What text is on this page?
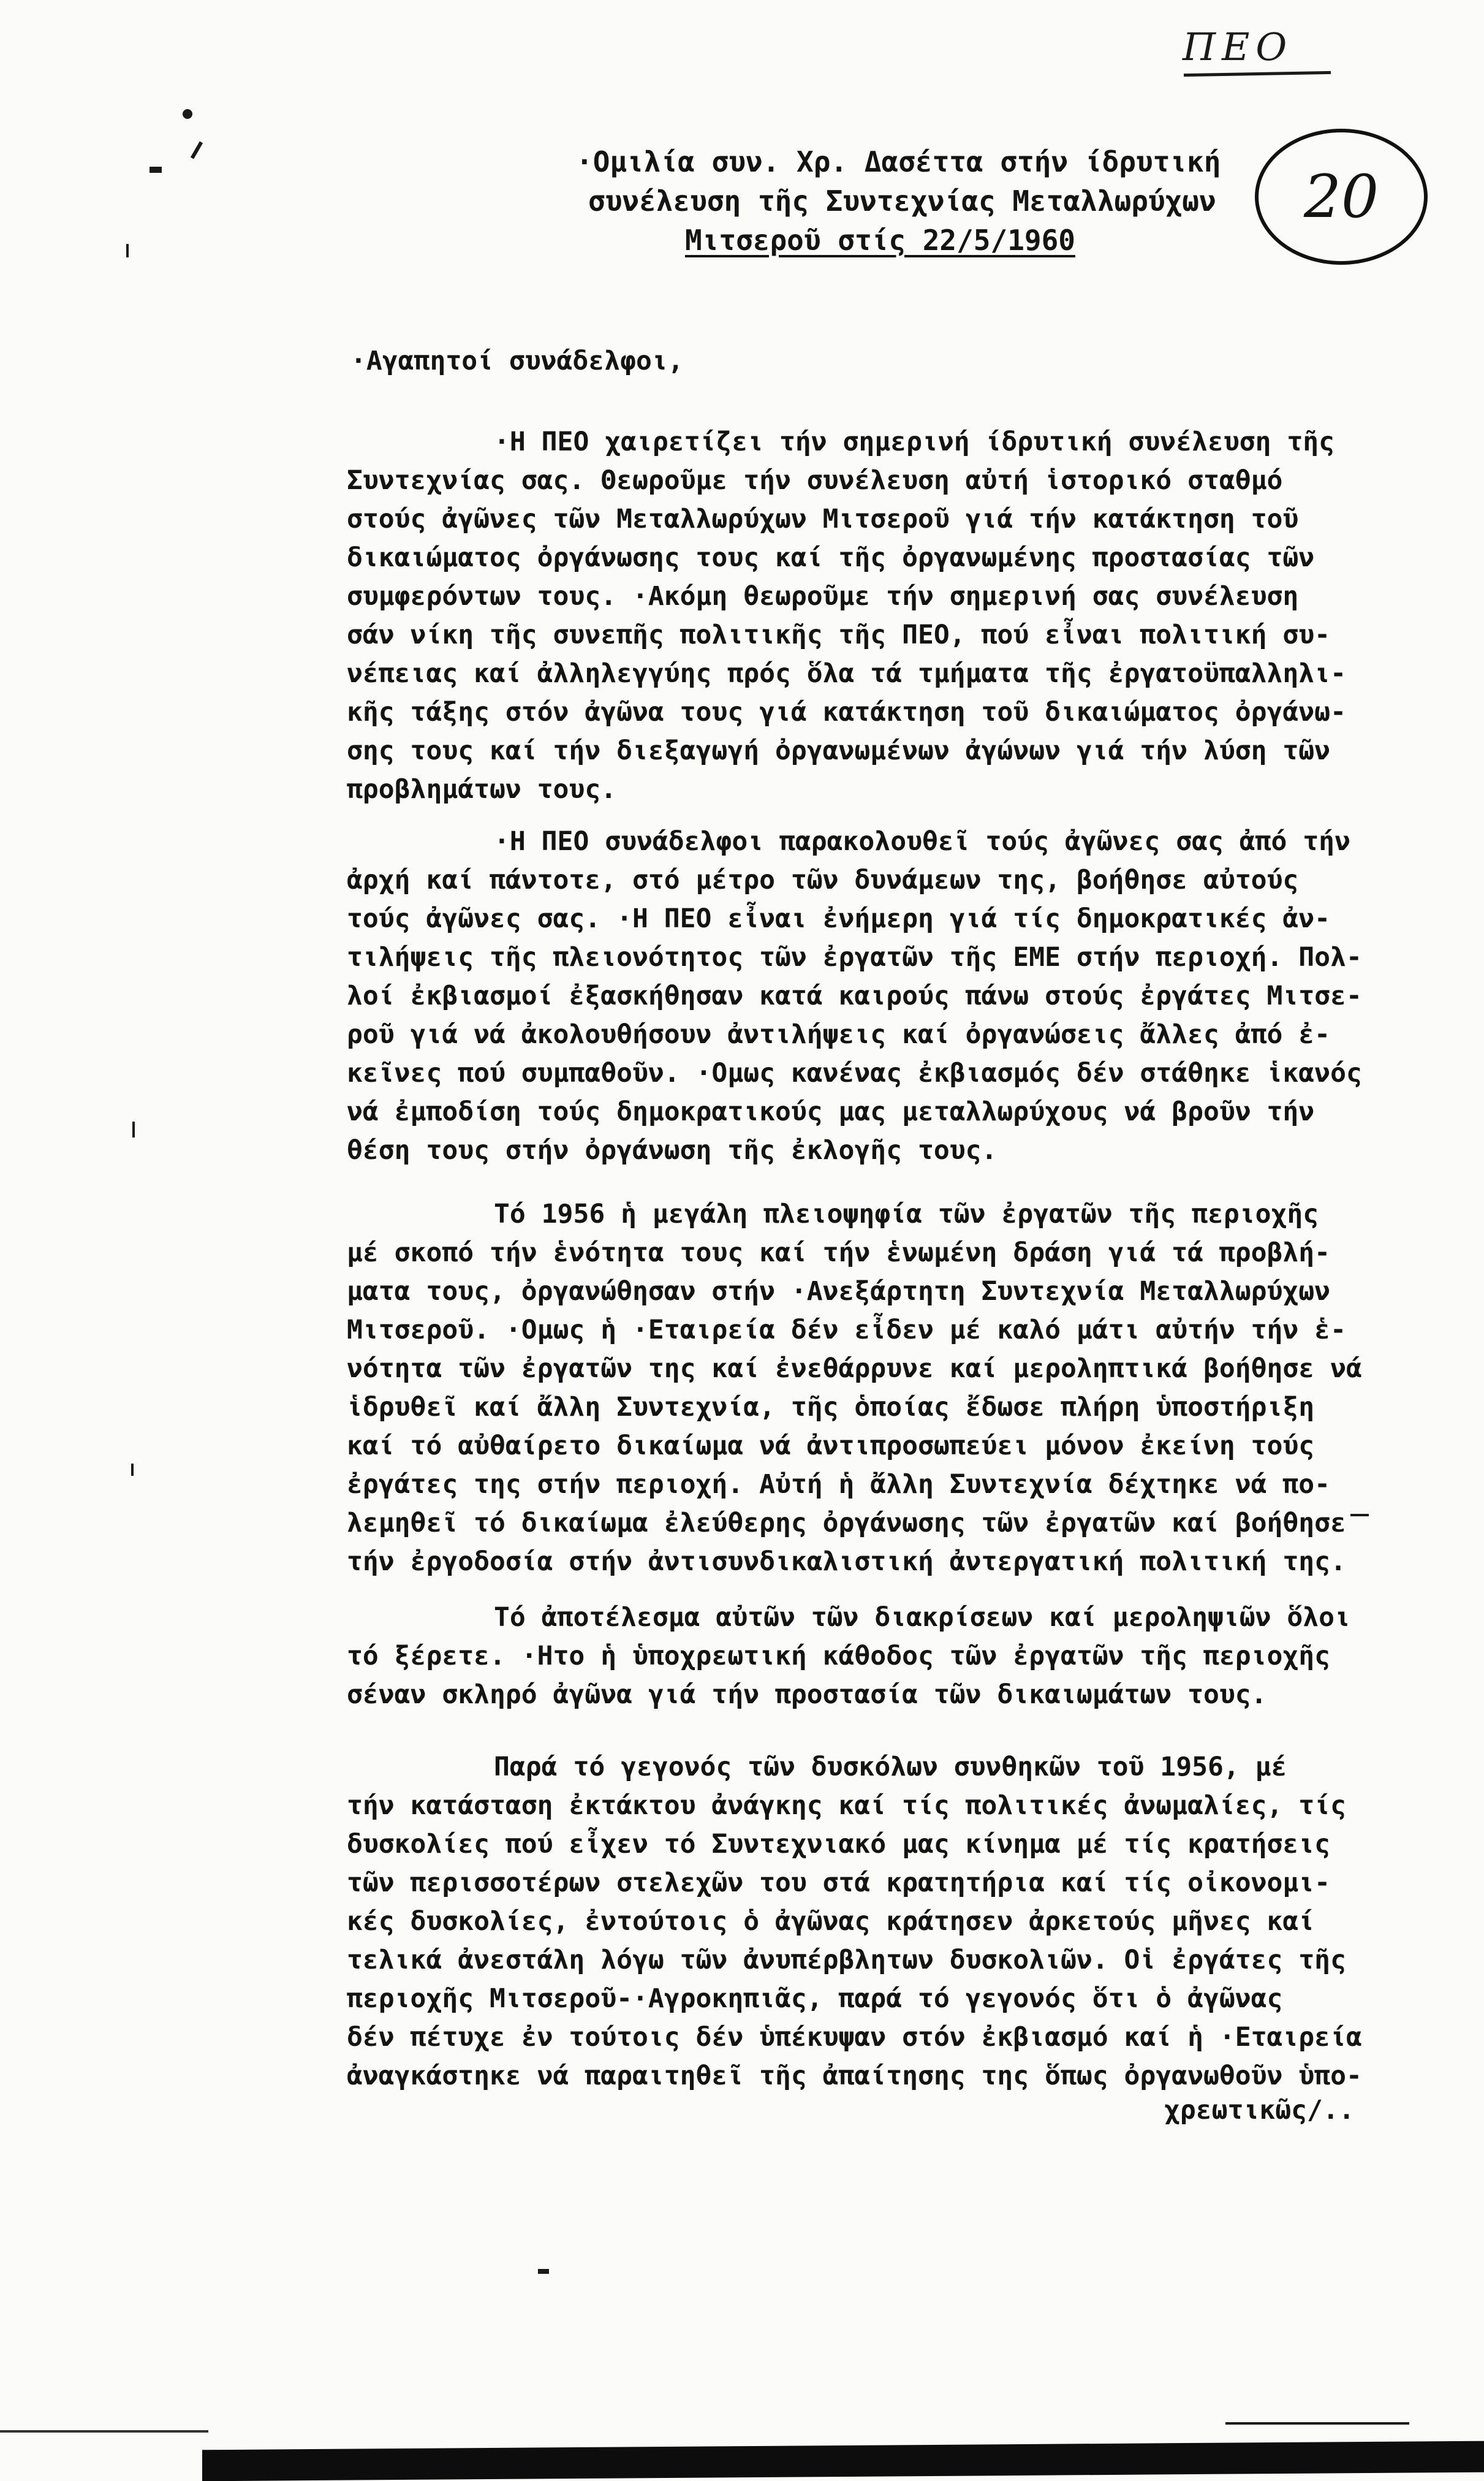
ΠΕΟ
20
·Ομιλία συν. Χρ. Δασέττα στήν ίδρυτική
συνέλευση τῆς Συντεχνίας Μεταλλωρύχων
Μιτσεροῦ στίς 22/5/1960
·Αγαπητοί συνάδελφοι,
·Η ΠΕΟ χαιρετίζει τήν σημερινή ίδρυτική συνέλευση τῆς
Συντεχνίας σας. Θεωροῦμε τήν συνέλευση αὐτή ἱστορικό σταθμό
στούς ἀγῶνες τῶν Μεταλλωρύχων Μιτσεροῦ γιά τήν κατάκτηση τοῦ
δικαιώματος ὀργάνωσης τους καί τῆς ὀργανωμένης προστασίας τῶν
συμφερόντων τους. ·Ακόμη θεωροῦμε τήν σημερινή σας συνέλευση
σάν νίκη τῆς συνεπῆς πολιτικῆς τῆς ΠΕΟ, πού εἶναι πολιτική συ-
νέπειας καί ἀλληλεγγύης πρός ὅλα τά τμήματα τῆς ἐργατοϋπαλληλι-
κῆς τάξης στόν ἀγῶνα τους γιά κατάκτηση τοῦ δικαιώματος ὀργάνω-
σης τους καί τήν διεξαγωγή ὀργανωμένων ἀγώνων γιά τήν λύση τῶν
προβλημάτων τους.
·Η ΠΕΟ συνάδελφοι παρακολουθεῖ τούς ἀγῶνες σας ἀπό τήν
ἀρχή καί πάντοτε, στό μέτρο τῶν δυνάμεων της, βοήθησε αὐτούς
τούς ἀγῶνες σας. ·Η ΠΕΟ εἶναι ἐνήμερη γιά τίς δημοκρατικές ἀν-
τιλήψεις τῆς πλειονότητος τῶν ἐργατῶν τῆς ΕΜΕ στήν περιοχή. Πολ-
λοί ἐκβιασμοί ἐξασκήθησαν κατά καιρούς πάνω στούς ἐργάτες Μιτσε-
ροῦ γιά νά ἀκολουθήσουν ἀντιλήψεις καί ὀργανώσεις ἄλλες ἀπό ἐ-
κεῖνες πού συμπαθοῦν. ·Ομως κανένας ἐκβιασμός δέν στάθηκε ἱκανός
νά ἐμποδίση τούς δημοκρατικούς μας μεταλλωρύχους νά βροῦν τήν
θέση τους στήν ὀργάνωση τῆς ἐκλογῆς τους.
Τό 1956 ἡ μεγάλη πλειοψηφία τῶν ἐργατῶν τῆς περιοχῆς
μέ σκοπό τήν ἑνότητα τους καί τήν ἑνωμένη δράση γιά τά προβλή-
ματα τους, ὀργανώθησαν στήν ·Ανεξάρτητη Συντεχνία Μεταλλωρύχων
Μιτσεροῦ. ·Ομως ἡ ·Εταιρεία δέν εἶδεν μέ καλό μάτι αὐτήν τήν ἑ-
νότητα τῶν ἐργατῶν της καί ἐνεθάρρυνε καί μεροληπτικά βοήθησε νά
ἱδρυθεῖ καί ἄλλη Συντεχνία, τῆς ὁποίας ἔδωσε πλήρη ὑποστήριξη
καί τό αὐθαίρετο δικαίωμα νά ἀντιπροσωπεύει μόνον ἐκείνη τούς
ἐργάτες της στήν περιοχή. Αὐτή ἡ ἄλλη Συντεχνία δέχτηκε νά πο-
λεμηθεῖ τό δικαίωμα ἐλεύθερης ὀργάνωσης τῶν ἐργατῶν καί βοήθησε
τήν ἐργοδοσία στήν ἀντισυνδικαλιστική ἀντεργατική πολιτική της.
Τό ἀποτέλεσμα αὐτῶν τῶν διακρίσεων καί μεροληψιῶν ὅλοι
τό ξέρετε. ·Ητο ἡ ὑποχρεωτική κάθοδος τῶν ἐργατῶν τῆς περιοχῆς
σέναν σκληρό ἀγῶνα γιά τήν προστασία τῶν δικαιωμάτων τους.
Παρά τό γεγονός τῶν δυσκόλων συνθηκῶν τοῦ 1956, μέ
τήν κατάσταση ἐκτάκτου ἀνάγκης καί τίς πολιτικές ἀνωμαλίες, τίς
δυσκολίες πού εἶχεν τό Συντεχνιακό μας κίνημα μέ τίς κρατήσεις
τῶν περισσοτέρων στελεχῶν του στά κρατητήρια καί τίς οἰκονομι-
κές δυσκολίες, ἐντούτοις ὁ ἀγῶνας κράτησεν ἀρκετούς μῆνες καί
τελικά ἀνεστάλη λόγω τῶν ἀνυπέρβλητων δυσκολιῶν. Οἱ ἐργάτες τῆς
περιοχῆς Μιτσεροῦ-·Αγροκηπιᾶς, παρά τό γεγονός ὅτι ὁ ἀγῶνας
δέν πέτυχε ἐν τούτοις δέν ὑπέκυψαν στόν ἐκβιασμό καί ἡ ·Εταιρεία
ἀναγκάστηκε νά παραιτηθεῖ τῆς ἀπαίτησης της ὅπως ὀργανωθοῦν ὑπο-
χρεωτικῶς/..
